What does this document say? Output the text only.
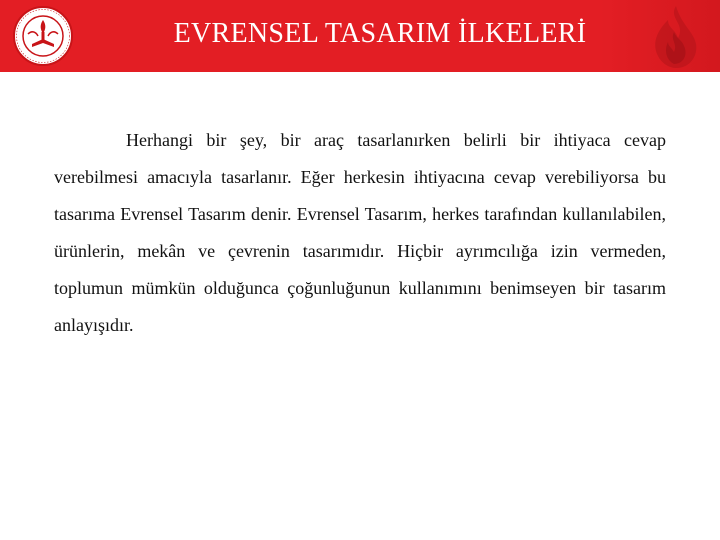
EVRENSEL TASARIM İLKELERİ

Herhangi bir şey, bir araç tasarlanırken belirli bir ihtiyaca cevap verebilmesi amacıyla tasarlanır. Eğer herkesin ihtiyacına cevap verebiliyorsa bu tasarıma Evrensel Tasarım denir. Evrensel Tasarım, herkes tarafından kullanılabilen, ürünlerin, mekân ve çevrenin tasarımıdır. Hiçbir ayrımcılığa izin vermeden, toplumun mümkün olduğunca çoğunluğunun kullanımını benimseyen bir tasarım anlayışıdır.
